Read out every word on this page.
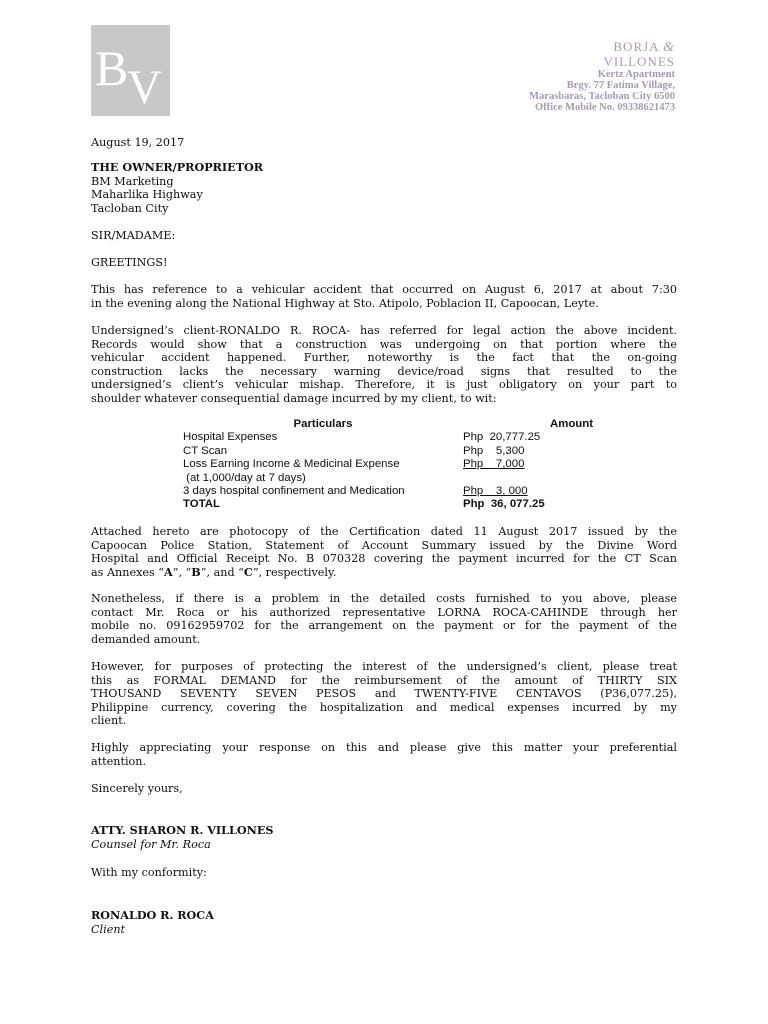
B
V
BORJA &
VILLONES
Kertz Apartment
Brgy. 77 Fatima Village,
Marasbaras, Tacloban City 6500
Office Mobile No. 09338621473
August 19, 2017
THE OWNER/PROPRIETOR
BM Marketing
Maharlika Highway
Tacloban City
SIR/MADAME:
GREETINGS!
This has reference to a vehicular accident that occurred on August 6, 2017 at about 7:30
in the evening along the National Highway at Sto. Atipolo, Poblacion II, Capoocan, Leyte.
Undersigned’s client-RONALDO R. ROCA- has referred for legal action the above incident.
Records would show that a construction was undergoing on that portion where the
vehicular accident happened. Further, noteworthy is the fact that the on-going
construction lacks the necessary warning device/road signs that resulted to the
undersigned’s client’s vehicular mishap. Therefore, it is just obligatory on your part to
shoulder whatever consequential damage incurred by my client, to wit:
Particulars	Amount
Hospital Expenses	Php  20,777.25
CT Scan	Php    5,300
Loss Earning Income & Medicinal Expense	Php    7,000
(at 1,000/day at 7 days)	
3 days hospital confinement and Medication	Php    3, 000
TOTAL	Php  36, 077.25
Attached hereto are photocopy of the Certification dated 11 August 2017 issued by the
Capoocan Police Station, Statement of Account Summary issued by the Divine Word
Hospital and Official Receipt No. B 070328 covering the payment incurred for the CT Scan
as Annexes “A”, “B”, and “C”, respectively.
Nonetheless, if there is a problem in the detailed costs furnished to you above, please
contact Mr. Roca or his authorized representative LORNA ROCA-CAHINDE through her
mobile no. 09162959702 for the arrangement on the payment or for the payment of the
demanded amount.
However, for purposes of protecting the interest of the undersigned’s client, please treat
this as FORMAL DEMAND for the reimbursement of the amount of THIRTY SIX
THOUSAND SEVENTY SEVEN PESOS and TWENTY-FIVE CENTAVOS (P36,077.25),
Philippine currency, covering the hospitalization and medical expenses incurred by my
client.
Highly appreciating your response on this and please give this matter your preferential
attention.
Sincerely yours,
ATTY. SHARON R. VILLONES
Counsel for Mr. Roca
With my conformity:
RONALDO R. ROCA
Client
